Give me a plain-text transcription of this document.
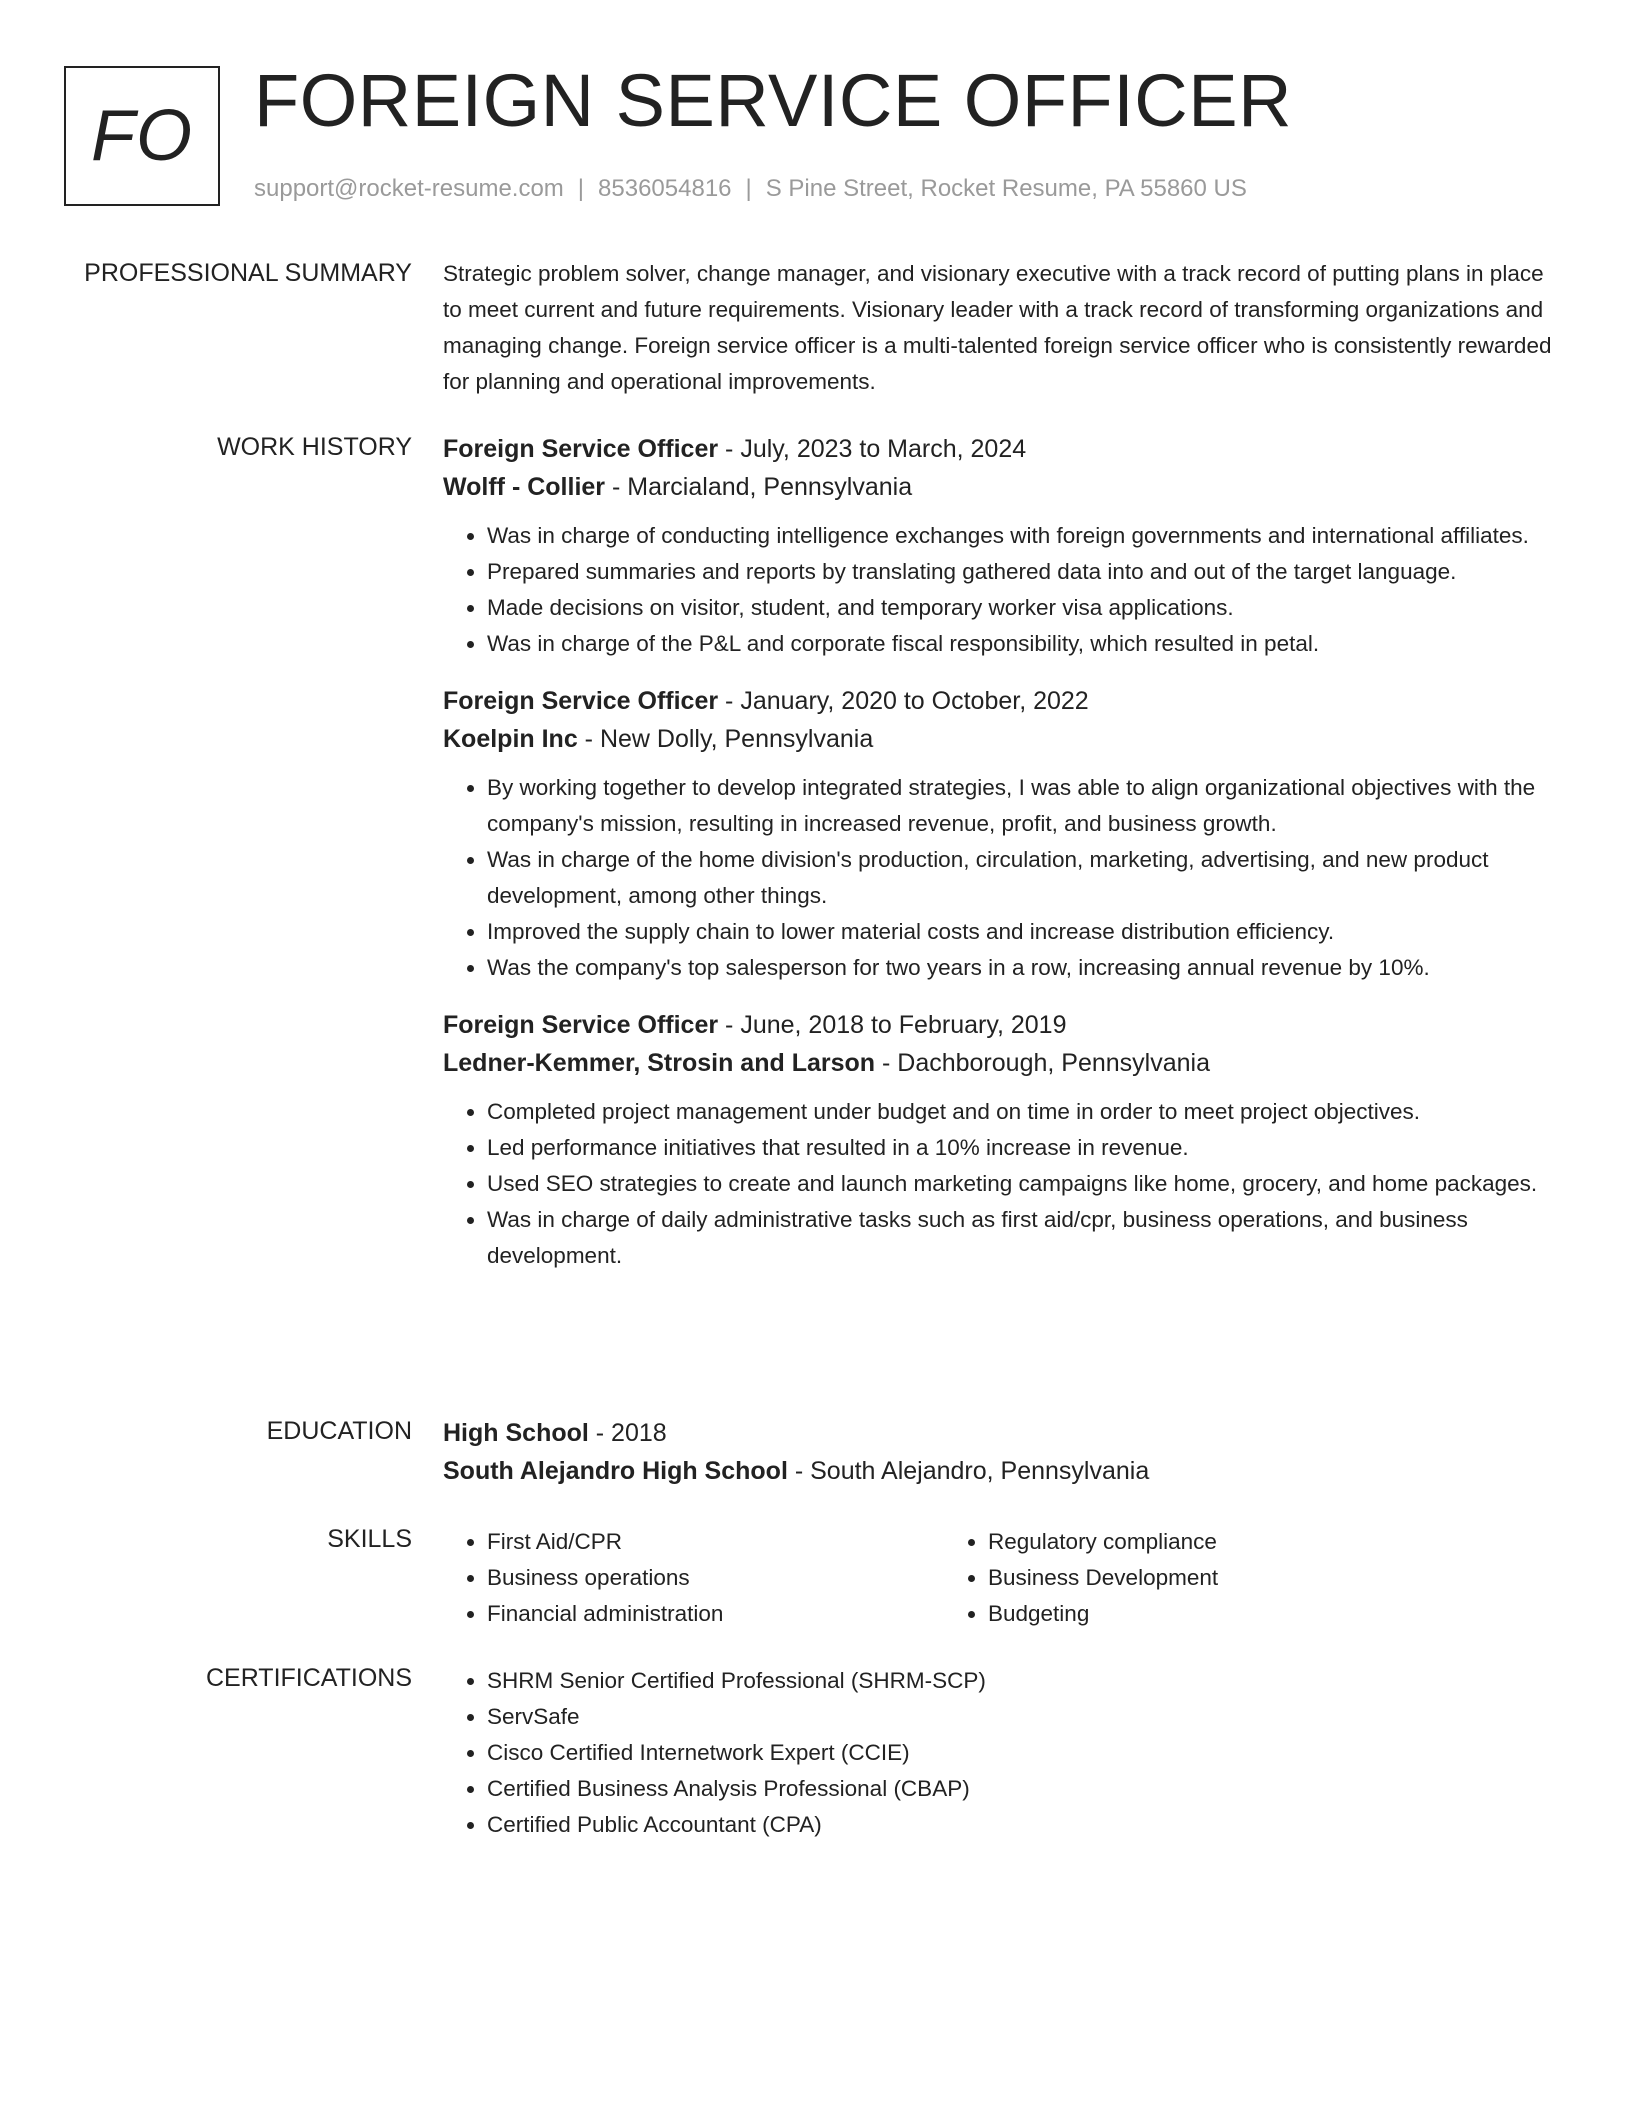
FO FOREIGN SERVICE OFFICER
support@rocket-resume.com | 8536054816 | S Pine Street, Rocket Resume, PA 55860 US
PROFESSIONAL SUMMARY Strategic problem solver, change manager, and visionary executive with a track record of putting plans in place to meet current and future requirements. Visionary leader with a track record of transforming organizations and managing change. Foreign service officer is a multi-talented foreign service officer who is consistently rewarded for planning and operational improvements.
WORK HISTORY Foreign Service Officer - July, 2023 to March, 2024
Wolff - Collier - Marcialand, Pennsylvania
• Was in charge of conducting intelligence exchanges with foreign governments and international affiliates.
• Prepared summaries and reports by translating gathered data into and out of the target language.
• Made decisions on visitor, student, and temporary worker visa applications.
• Was in charge of the P&L and corporate fiscal responsibility, which resulted in petal.
Foreign Service Officer - January, 2020 to October, 2022
Koelpin Inc - New Dolly, Pennsylvania
• By working together to develop integrated strategies, I was able to align organizational objectives with the company's mission, resulting in increased revenue, profit, and business growth.
• Was in charge of the home division's production, circulation, marketing, advertising, and new product development, among other things.
• Improved the supply chain to lower material costs and increase distribution efficiency.
• Was the company's top salesperson for two years in a row, increasing annual revenue by 10%.
Foreign Service Officer - June, 2018 to February, 2019
Ledner-Kemmer, Strosin and Larson - Dachborough, Pennsylvania
• Completed project management under budget and on time in order to meet project objectives.
• Led performance initiatives that resulted in a 10% increase in revenue.
• Used SEO strategies to create and launch marketing campaigns like home, grocery, and home packages.
• Was in charge of daily administrative tasks such as first aid/cpr, business operations, and business development.
EDUCATION High School - 2018
South Alejandro High School - South Alejandro, Pennsylvania
SKILLS	• First Aid/CPR
• Business operations
• Financial administration
• Regulatory compliance
• Business Development
• Budgeting
CERTIFICATIONS	• SHRM Senior Certified Professional (SHRM-SCP)
• ServSafe
• Cisco Certified Internetwork Expert (CCIE)
• Certified Business Analysis Professional (CBAP)
• Certified Public Accountant (CPA)
